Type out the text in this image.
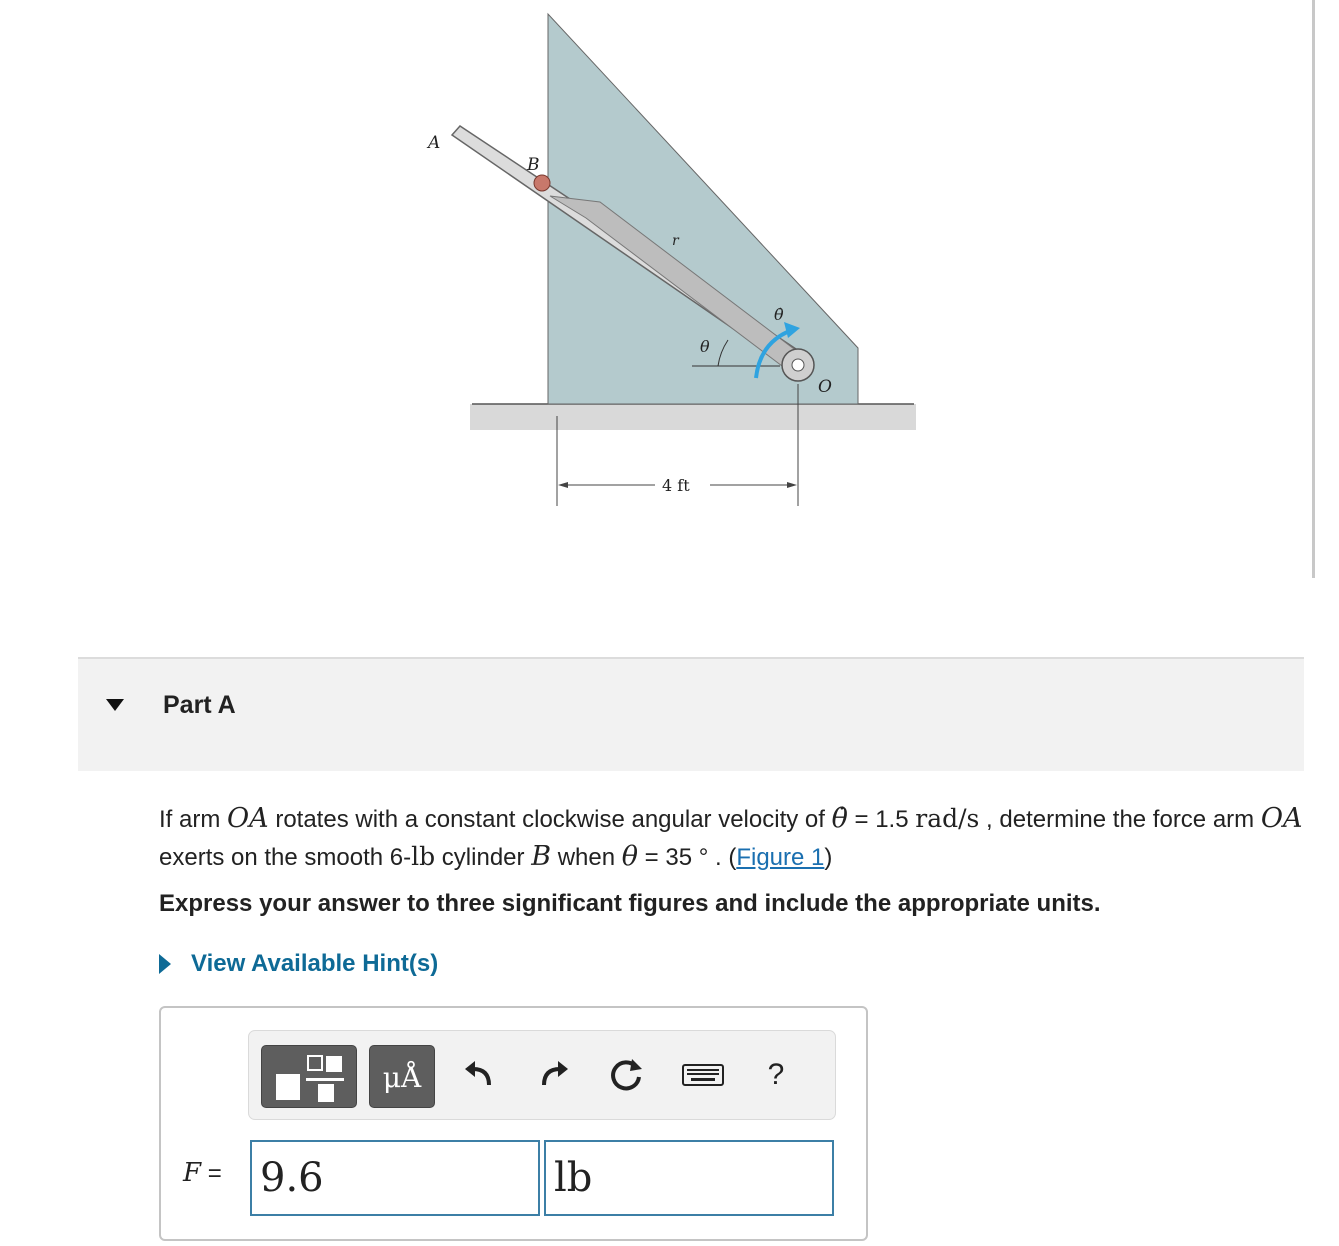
A
B
r
θ̇
θ
O
4 ft
Part A
If arm OA rotates with a constant clockwise angular velocity of θ̇ = 1.5 rad/s , determine the force arm OA exerts on the smooth 6-lb cylinder B when θ = 35 ° . (Figure 1)
Express your answer to three significant figures and include the appropriate units.
View Available Hint(s)
μÅ	?
F = 9.6	lb
